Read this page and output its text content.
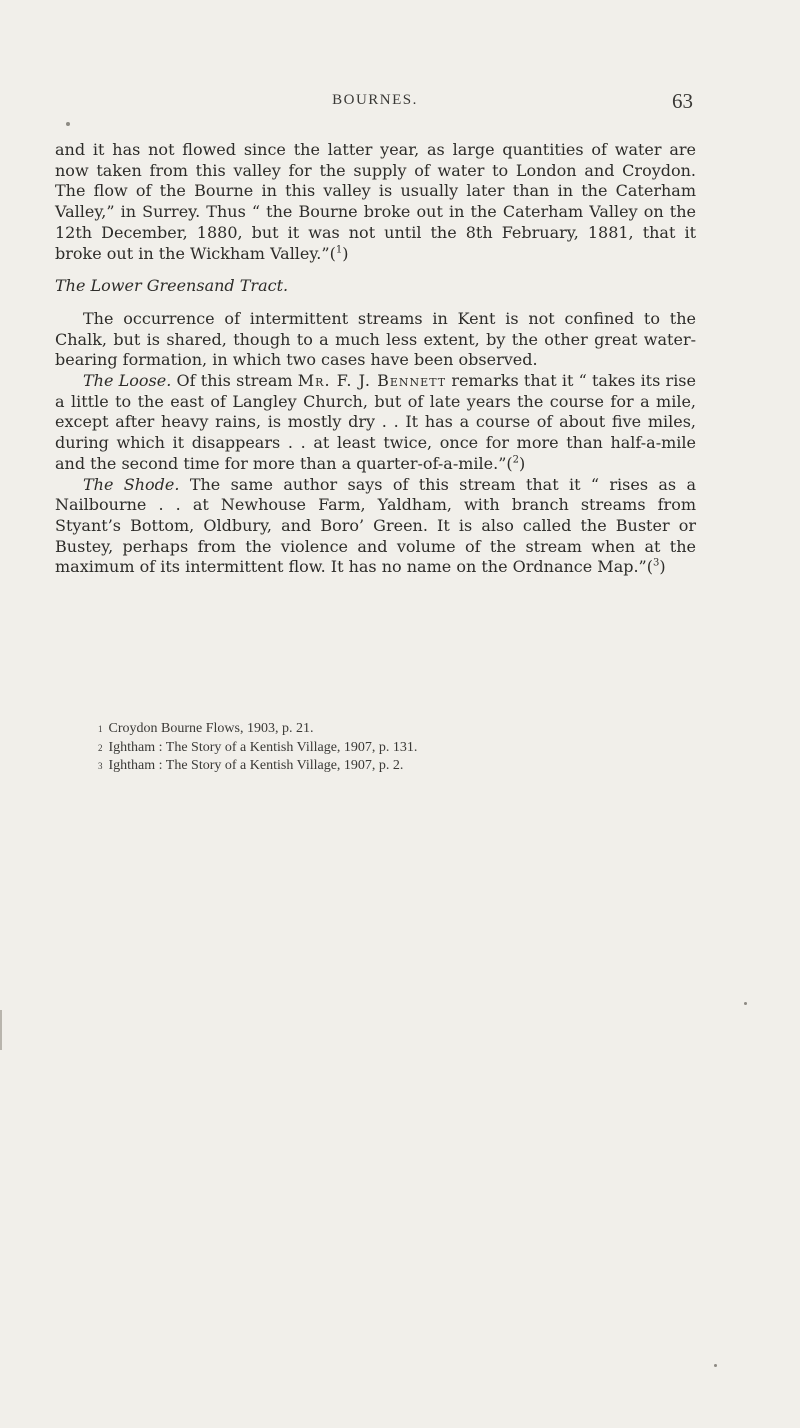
BOURNES.	63

and it has not flowed since the latter year, as large quantities of water are now taken from this valley for the supply of water to London and Croydon. The flow of the Bourne in this valley is usually later than in the Caterham Valley,” in Surrey. Thus “ the Bourne broke out in the Caterham Valley on the 12th December, 1880, but it was not until the 8th February, 1881, that it broke out in the Wickham Valley.”($^1$)

The Lower Greensand Tract.

The occurrence of intermittent streams in Kent is not confined to the Chalk, but is shared, though to a much less extent, by the other great water-bearing formation, in which two cases have been observed.

The Loose. Of this stream Mr. F. J. Bennett remarks that it “ takes its rise a little to the east of Langley Church, but of late years the course for a mile, except after heavy rains, is mostly dry . . It has a course of about five miles, during which it disappears . . at least twice, once for more than half-a-mile and the second time for more than a quarter-of-a-mile.”($^2$)

The Shode. The same author says of this stream that it “ rises as a Nailbourne . . at Newhouse Farm, Yaldham, with branch streams from Styant’s Bottom, Oldbury, and Boro’ Green. It is also called the Buster or Bustey, perhaps from the violence and volume of the stream when at the maximum of its intermittent flow. It has no name on the Ordnance Map.”($^3$)

$^1$ Croydon Bourne Flows, 1903, p. 21.
$^2$ Ightham : The Story of a Kentish Village, 1907, p. 131.
$^3$ Ightham : The Story of a Kentish Village, 1907, p. 2.
